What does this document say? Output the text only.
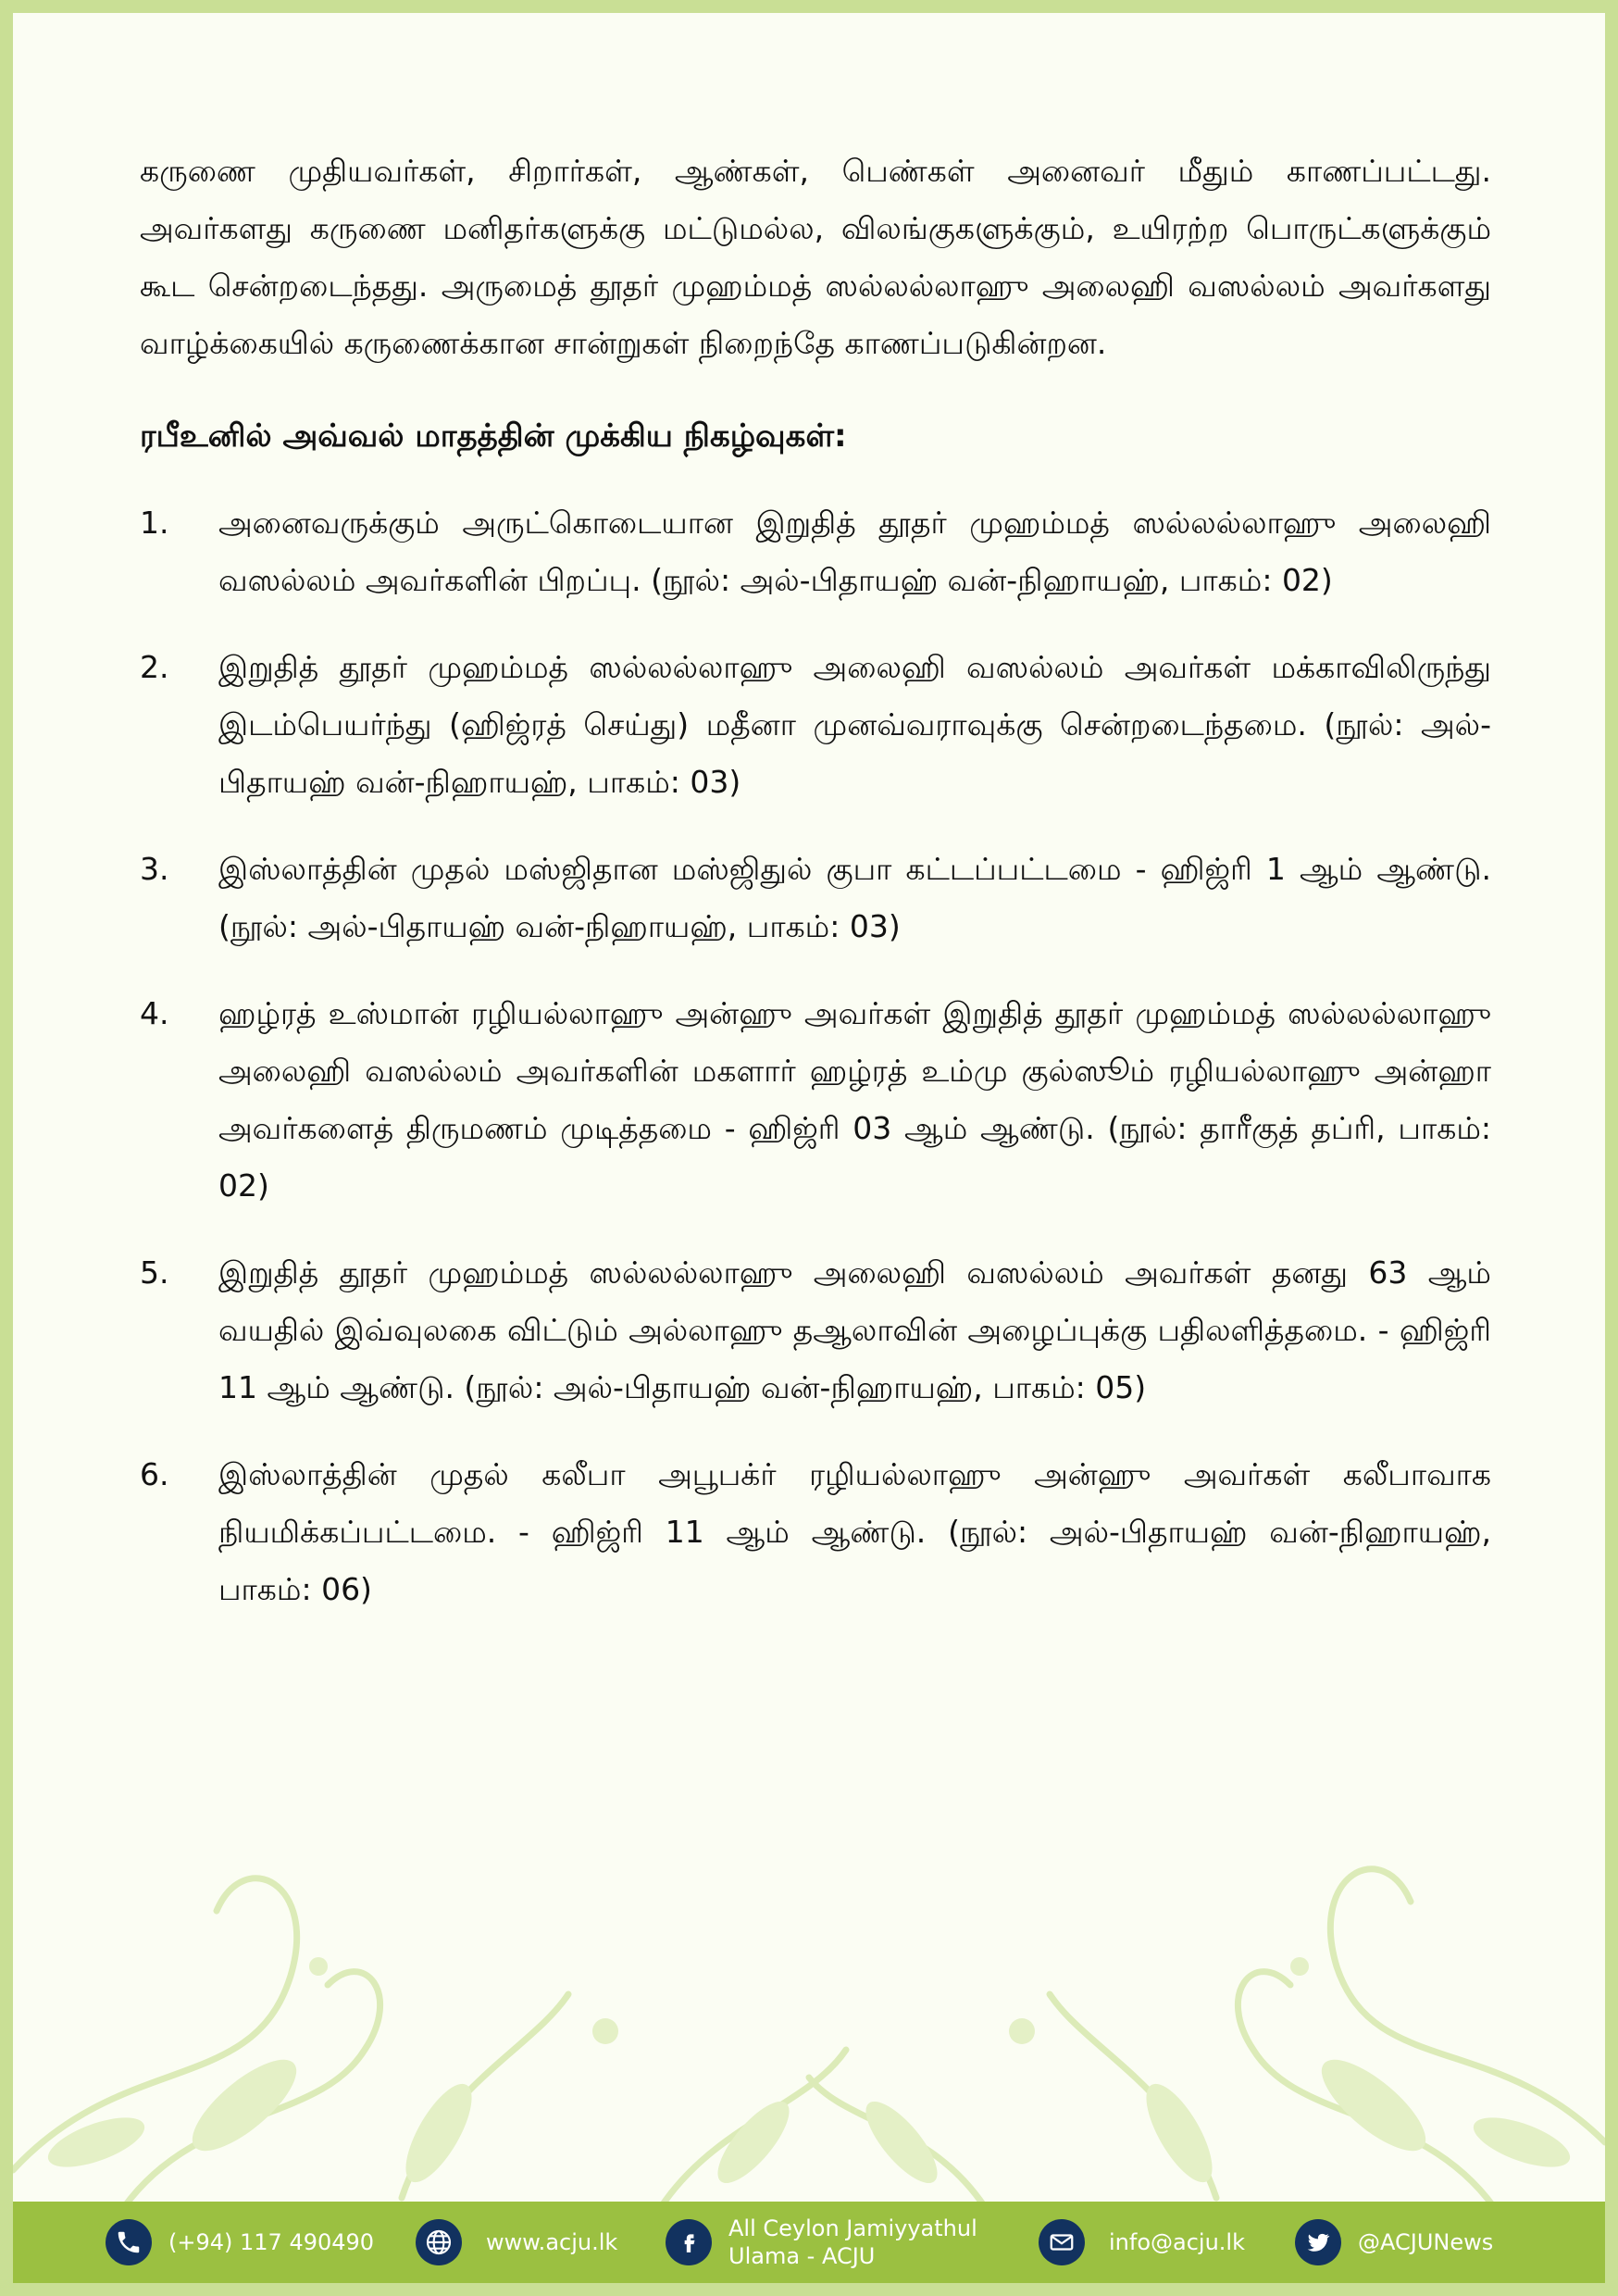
கருணை முதியவர்கள், சிறார்கள், ஆண்கள், பெண்கள் அனைவர் மீதும் காணப்பட்டது. அவர்களது கருணை மனிதர்களுக்கு மட்டுமல்ல, விலங்குகளுக்கும், உயிரற்ற பொருட்களுக்கும் கூட சென்றடைந்தது. அருமைத் தூதர் முஹம்மத் ஸல்லல்லாஹு அலைஹி வஸல்லம் அவர்களது வாழ்க்கையில் கருணைக்கான சான்றுகள் நிறைந்தே காணப்படுகின்றன.

ரபீஉனில் அவ்வல் மாதத்தின் முக்கிய நிகழ்வுகள்:
1.	அனைவருக்கும் அருட்கொடையான இறுதித் தூதர் முஹம்மத் ஸல்லல்லாஹு அலைஹி வஸல்லம் அவர்களின் பிறப்பு. (நூல்: அல்-பிதாயஹ் வன்-நிஹாயஹ், பாகம்: 02)
2.	இறுதித் தூதர் முஹம்மத் ஸல்லல்லாஹு அலைஹி வஸல்லம் அவர்கள் மக்காவிலிருந்து இடம்பெயர்ந்து (ஹிஜ்ரத் செய்து) மதீனா முனவ்வராவுக்கு சென்றடைந்தமை. (நூல்: அல்-பிதாயஹ் வன்-நிஹாயஹ், பாகம்: 03)
3.	இஸ்லாத்தின் முதல் மஸ்ஜிதான மஸ்ஜிதுல் குபா கட்டப்பட்டமை - ஹிஜ்ரி 1 ஆம் ஆண்டு. (நூல்: அல்-பிதாயஹ் வன்-நிஹாயஹ், பாகம்: 03)
4.	ஹழ்ரத் உஸ்மான் ரழியல்லாஹு அன்ஹு அவர்கள் இறுதித் தூதர் முஹம்மத் ஸல்லல்லாஹு அலைஹி வஸல்லம் அவர்களின் மகளார் ஹழ்ரத் உம்மு குல்ஸூம் ரழியல்லாஹு அன்ஹா அவர்களைத் திருமணம் முடித்தமை - ஹிஜ்ரி 03 ஆம் ஆண்டு. (நூல்: தாரீகுத் தப்ரி, பாகம்: 02)
5.	இறுதித் தூதர் முஹம்மத் ஸல்லல்லாஹு அலைஹி வஸல்லம் அவர்கள் தனது 63 ஆம் வயதில் இவ்வுலகை விட்டும் அல்லாஹு தஆலாவின் அழைப்புக்கு பதிலளித்தமை. - ஹிஜ்ரி 11 ஆம் ஆண்டு. (நூல்: அல்-பிதாயஹ் வன்-நிஹாயஹ், பாகம்: 05)
6.	இஸ்லாத்தின் முதல் கலீபா அபூபக்ர் ரழியல்லாஹு அன்ஹு அவர்கள் கலீபாவாக நியமிக்கப்பட்டமை. - ஹிஜ்ரி 11 ஆம் ஆண்டு. (நூல்: அல்-பிதாயஹ் வன்-நிஹாயஹ், பாகம்: 06)
(+94) 117 490490	www.acju.lk
All Ceylon Jamiyyathul
Ulama - ACJU
info@acju.lk	@ACJUNews
